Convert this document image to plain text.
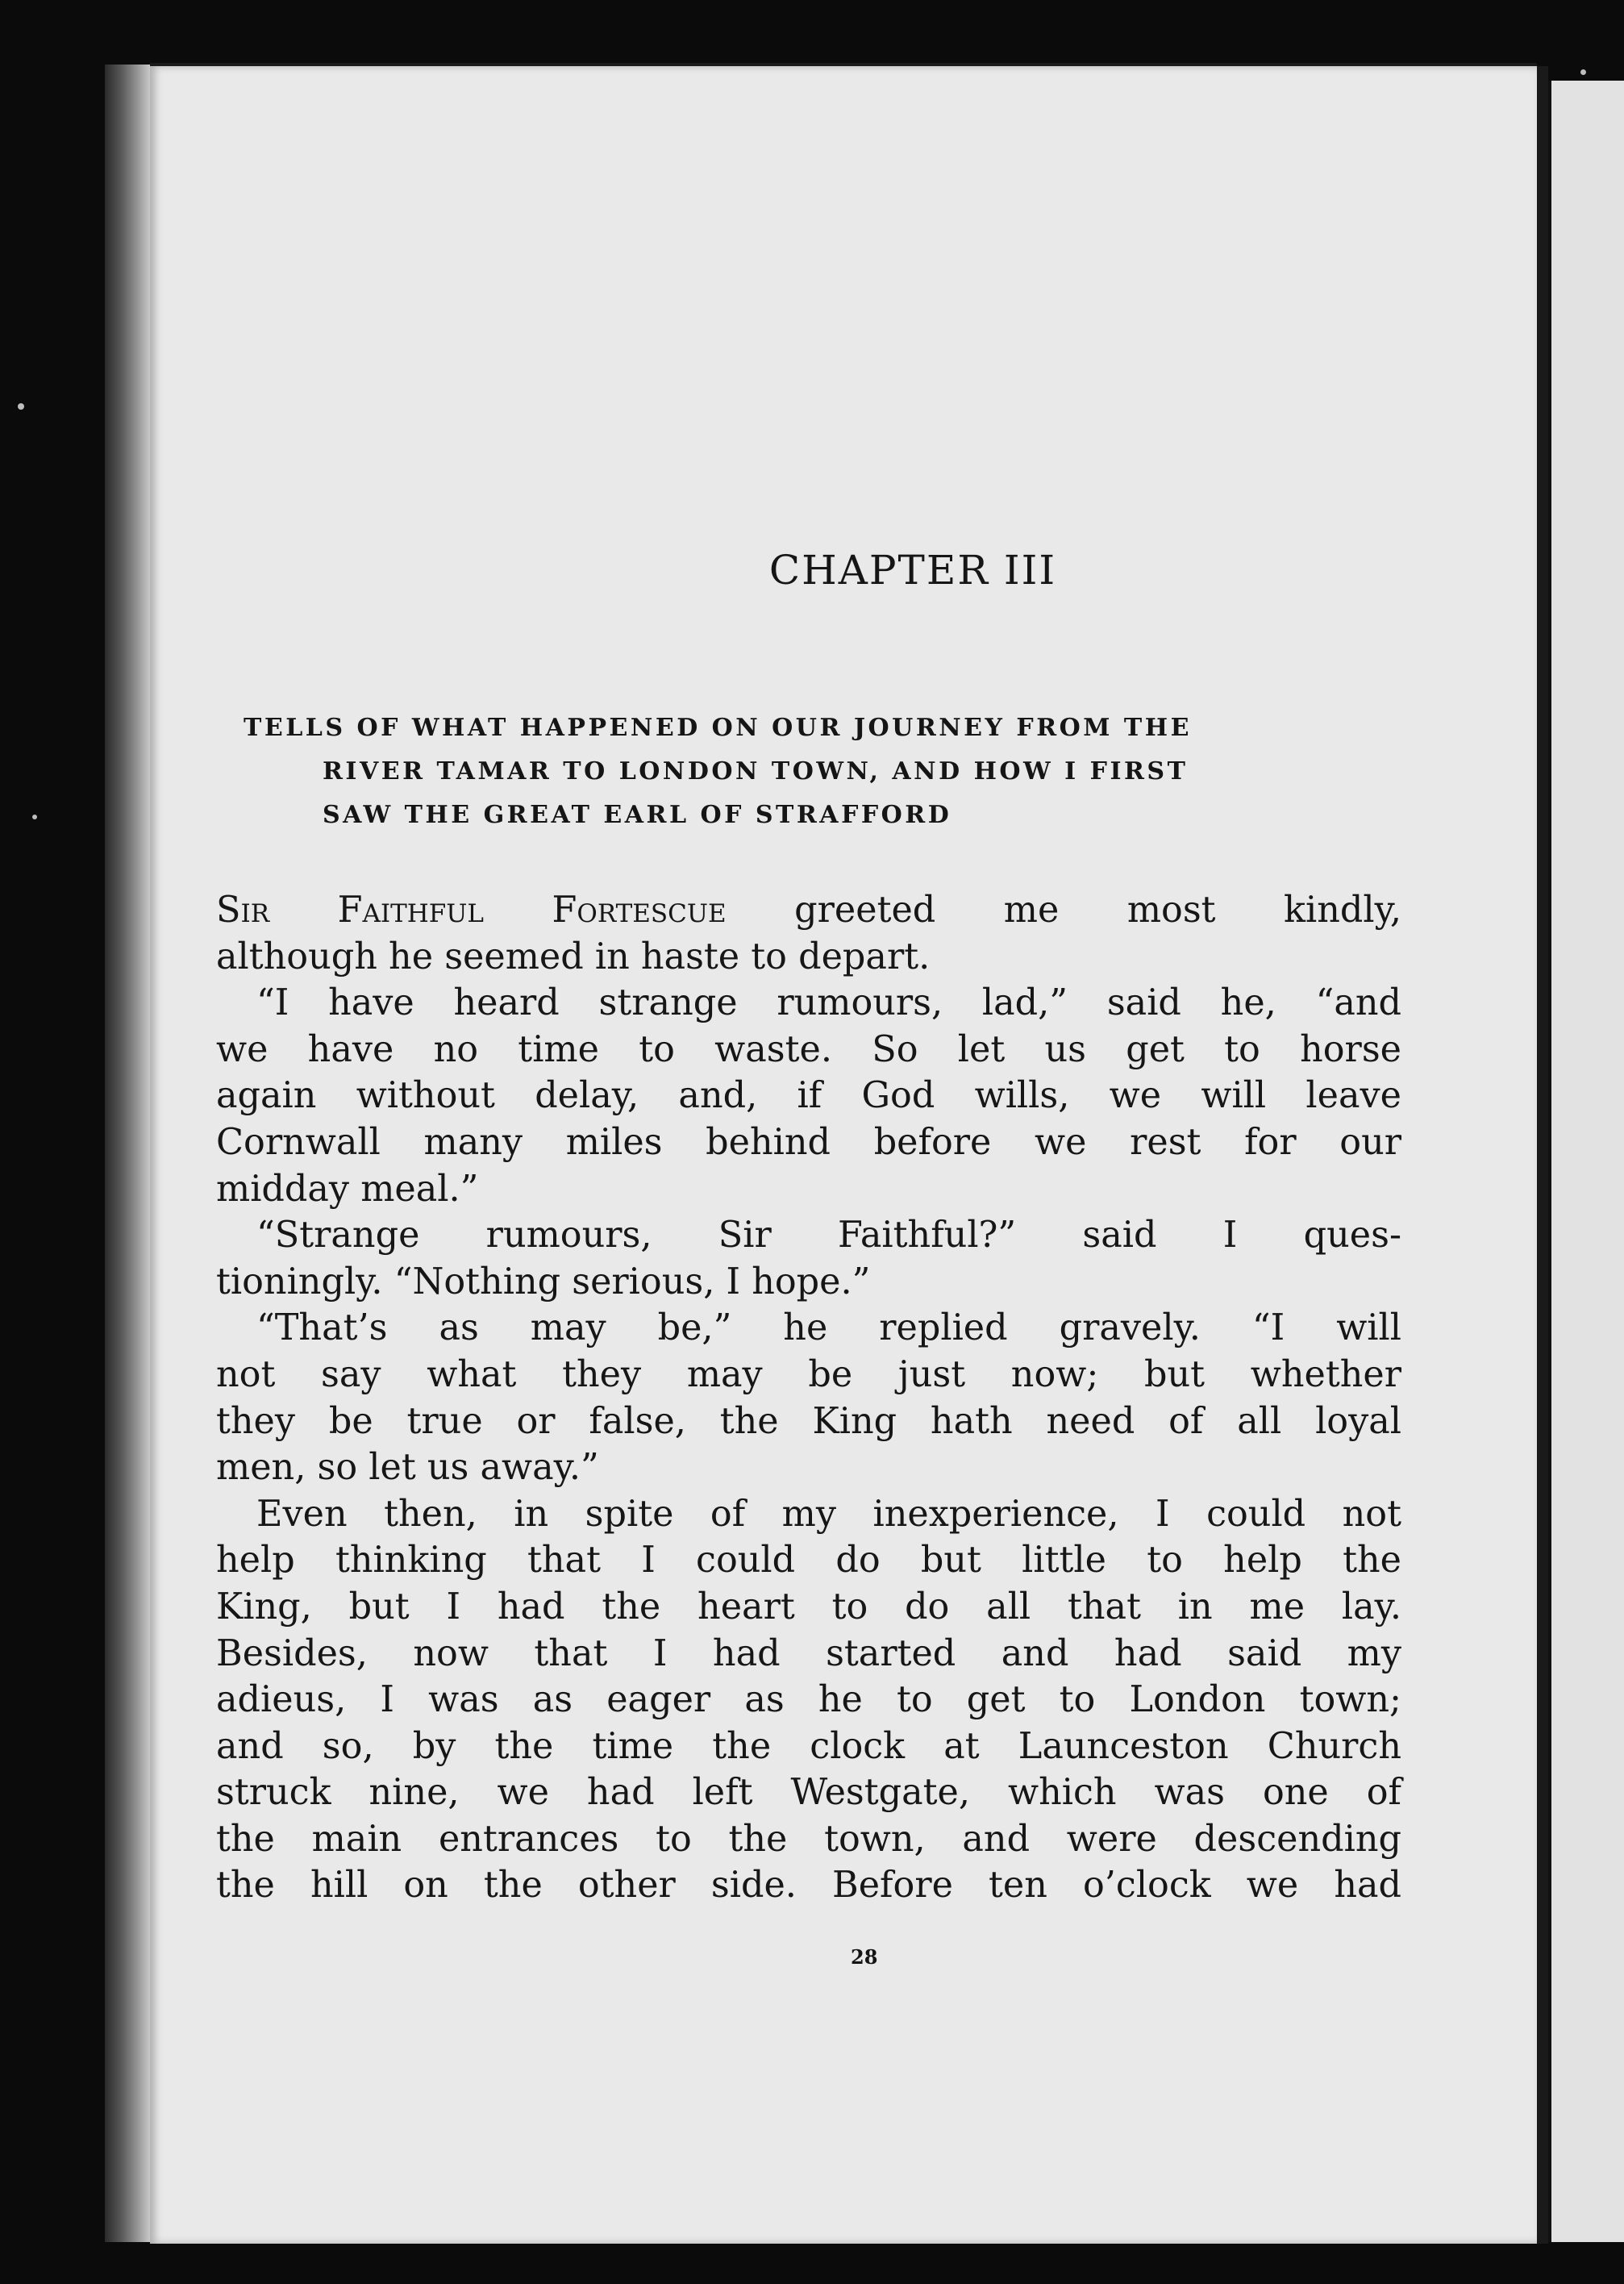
CHAPTER III
TELLS OF WHAT HAPPENED ON OUR JOURNEY FROM THE
RIVER TAMAR TO LONDON TOWN, AND HOW I FIRST
SAW THE GREAT EARL OF STRAFFORD
Sir Faithful Fortescue greeted me most kindly,
although he seemed in haste to depart.
“I have heard strange rumours, lad,” said he, “and
we have no time to waste. So let us get to horse
again without delay, and, if God wills, we will leave
Cornwall many miles behind before we rest for our
midday meal.”
“Strange rumours, Sir Faithful?” said I ques-
tioningly. “Nothing serious, I hope.”
“That’s as may be,” he replied gravely. “I will
not say what they may be just now; but whether
they be true or false, the King hath need of all loyal
men, so let us away.”
Even then, in spite of my inexperience, I could not
help thinking that I could do but little to help the
King, but I had the heart to do all that in me lay.
Besides, now that I had started and had said my
adieus, I was as eager as he to get to London town;
and so, by the time the clock at Launceston Church
struck nine, we had left Westgate, which was one of
the main entrances to the town, and were descending
the hill on the other side. Before ten o’clock we had
28
